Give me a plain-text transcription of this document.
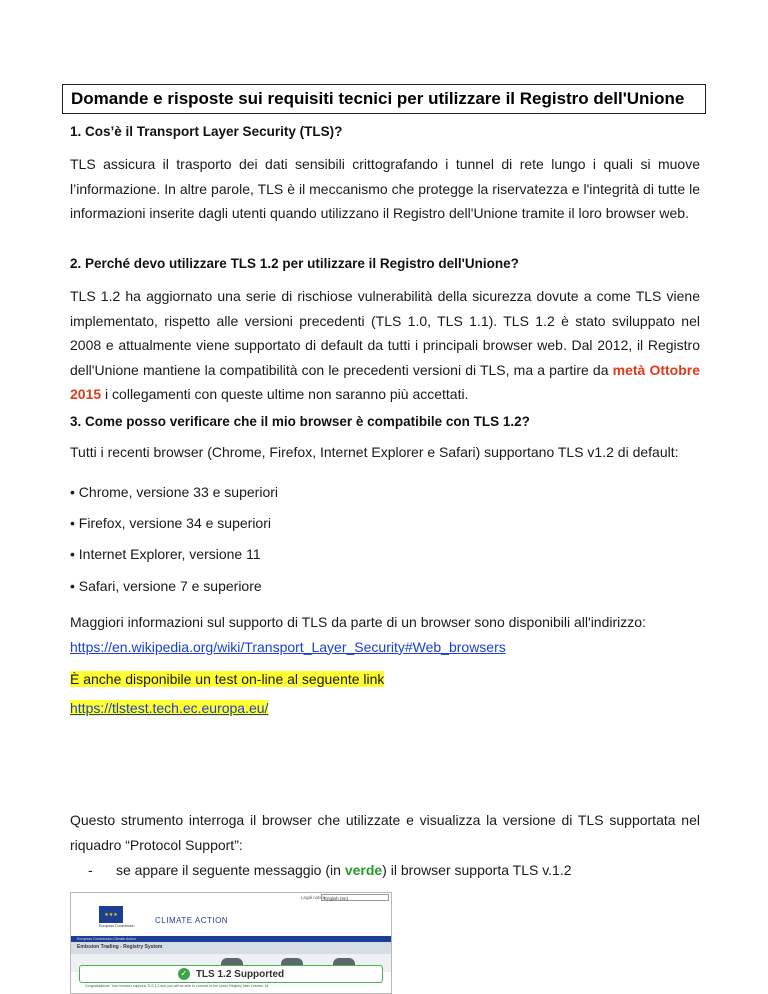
Domande e risposte sui requisiti tecnici per utilizzare il Registro dell'Unione
1. Cos’è il Transport Layer Security (TLS)?
TLS assicura il trasporto dei dati sensibili crittografando i tunnel di rete lungo i quali si muove l’informazione. In altre parole, TLS è il meccanismo che protegge la riservatezza e l'integrità di tutte le informazioni inserite dagli utenti quando utilizzano il Registro dell'Unione tramite il loro browser web.
2. Perché devo utilizzare TLS 1.2 per utilizzare il Registro dell'Unione?
TLS 1.2 ha aggiornato una serie di rischiose vulnerabilità della sicurezza dovute a come TLS viene implementato, rispetto alle versioni precedenti (TLS 1.0, TLS 1.1). TLS 1.2 è stato sviluppato nel 2008 e attualmente viene supportato di default da tutti i principali browser web. Dal 2012, il Registro dell'Unione mantiene la compatibilità con le precedenti versioni di TLS, ma a partire da metà Ottobre 2015 i collegamenti con queste ultime non saranno più accettati.
3. Come posso verificare che il mio browser è compatibile con TLS 1.2?
Tutti i recenti browser (Chrome, Firefox, Internet Explorer e Safari) supportano TLS v1.2 di default:
• Chrome, versione 33 e superiori
• Firefox, versione 34 e superiori
• Internet Explorer, versione 11
• Safari, versione 7 e superiore
Maggiori informazioni sul supporto di TLS da parte di un browser sono disponibili all'indirizzo:
https://en.wikipedia.org/wiki/Transport_Layer_Security#Web_browsers
È anche disponibile un test on-line al seguente link
https://tlstest.tech.ec.europa.eu/
Questo strumento interroga il browser che utilizzate e visualizza la versione di TLS supportata nel riquadro “Protocol Support”:
- se appare il seguente messaggio (in verde) il browser supporta TLS v.1.2
Legal notice
English (en)
★★★
European Commission
CLIMATE ACTION
European Commission Climate Action
Emission Trading - Registry System
✓ TLS 1.2 Supported
Congratulations. Your browser supports TLS 1.2 and you will be able to connect to the Union Registry after October 15.
